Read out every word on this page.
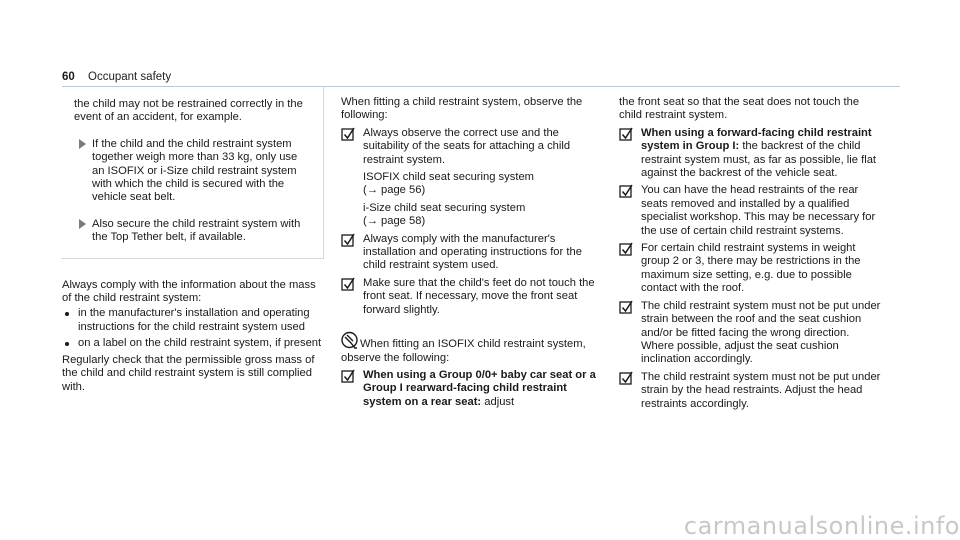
60 Occupant safety

the child may not be restrained correctly in the event of an accident, for example.

If the child and the child restraint system together weigh more than 33 kg, only use an ISOFIX or i-Size child restraint system with which the child is secured with the vehicle seat belt.
Also secure the child restraint system with the Top Tether belt, if available.

Always comply with the information about the mass of the child restraint system:

in the manufacturer's installation and operating instructions for the child restraint system used
on a label on the child restraint system, if present

Regularly check that the permissible gross mass of the child and child restraint system is still complied with.

When fitting a child restraint system, observe the following:

Always observe the correct use and the suitability of the seats for attaching a child restraint system.

ISOFIX child seat securing system

(→ page 56)

i-Size child seat securing system

(→ page 58)

Always comply with the manufacturer's installation and operating instructions for the child restraint system used.

Make sure that the child's feet do not touch the front seat. If necessary, move the front seat forward slightly.

When fitting an ISOFIX child restraint system, observe the following:

When using a Group 0/0+ baby car seat or a Group I rearward-facing child restraint system on a rear seat: adjust

the front seat so that the seat does not touch the child restraint system.

When using a forward-facing child restraint system in Group I: the backrest of the child restraint system must, as far as possible, lie flat against the backrest of the vehicle seat.

You can have the head restraints of the rear seats removed and installed by a qualified specialist workshop. This may be necessary for the use of certain child restraint systems.

For certain child restraint systems in weight group 2 or 3, there may be restrictions in the maximum size setting, e.g. due to possible contact with the roof.

The child restraint system must not be put under strain between the roof and the seat cushion and/or be fitted facing the wrong direction. Where possible, adjust the seat cushion inclination accordingly.

The child restraint system must not be put under strain by the head restraints. Adjust the head restraints accordingly.

carmanualsonline.info
